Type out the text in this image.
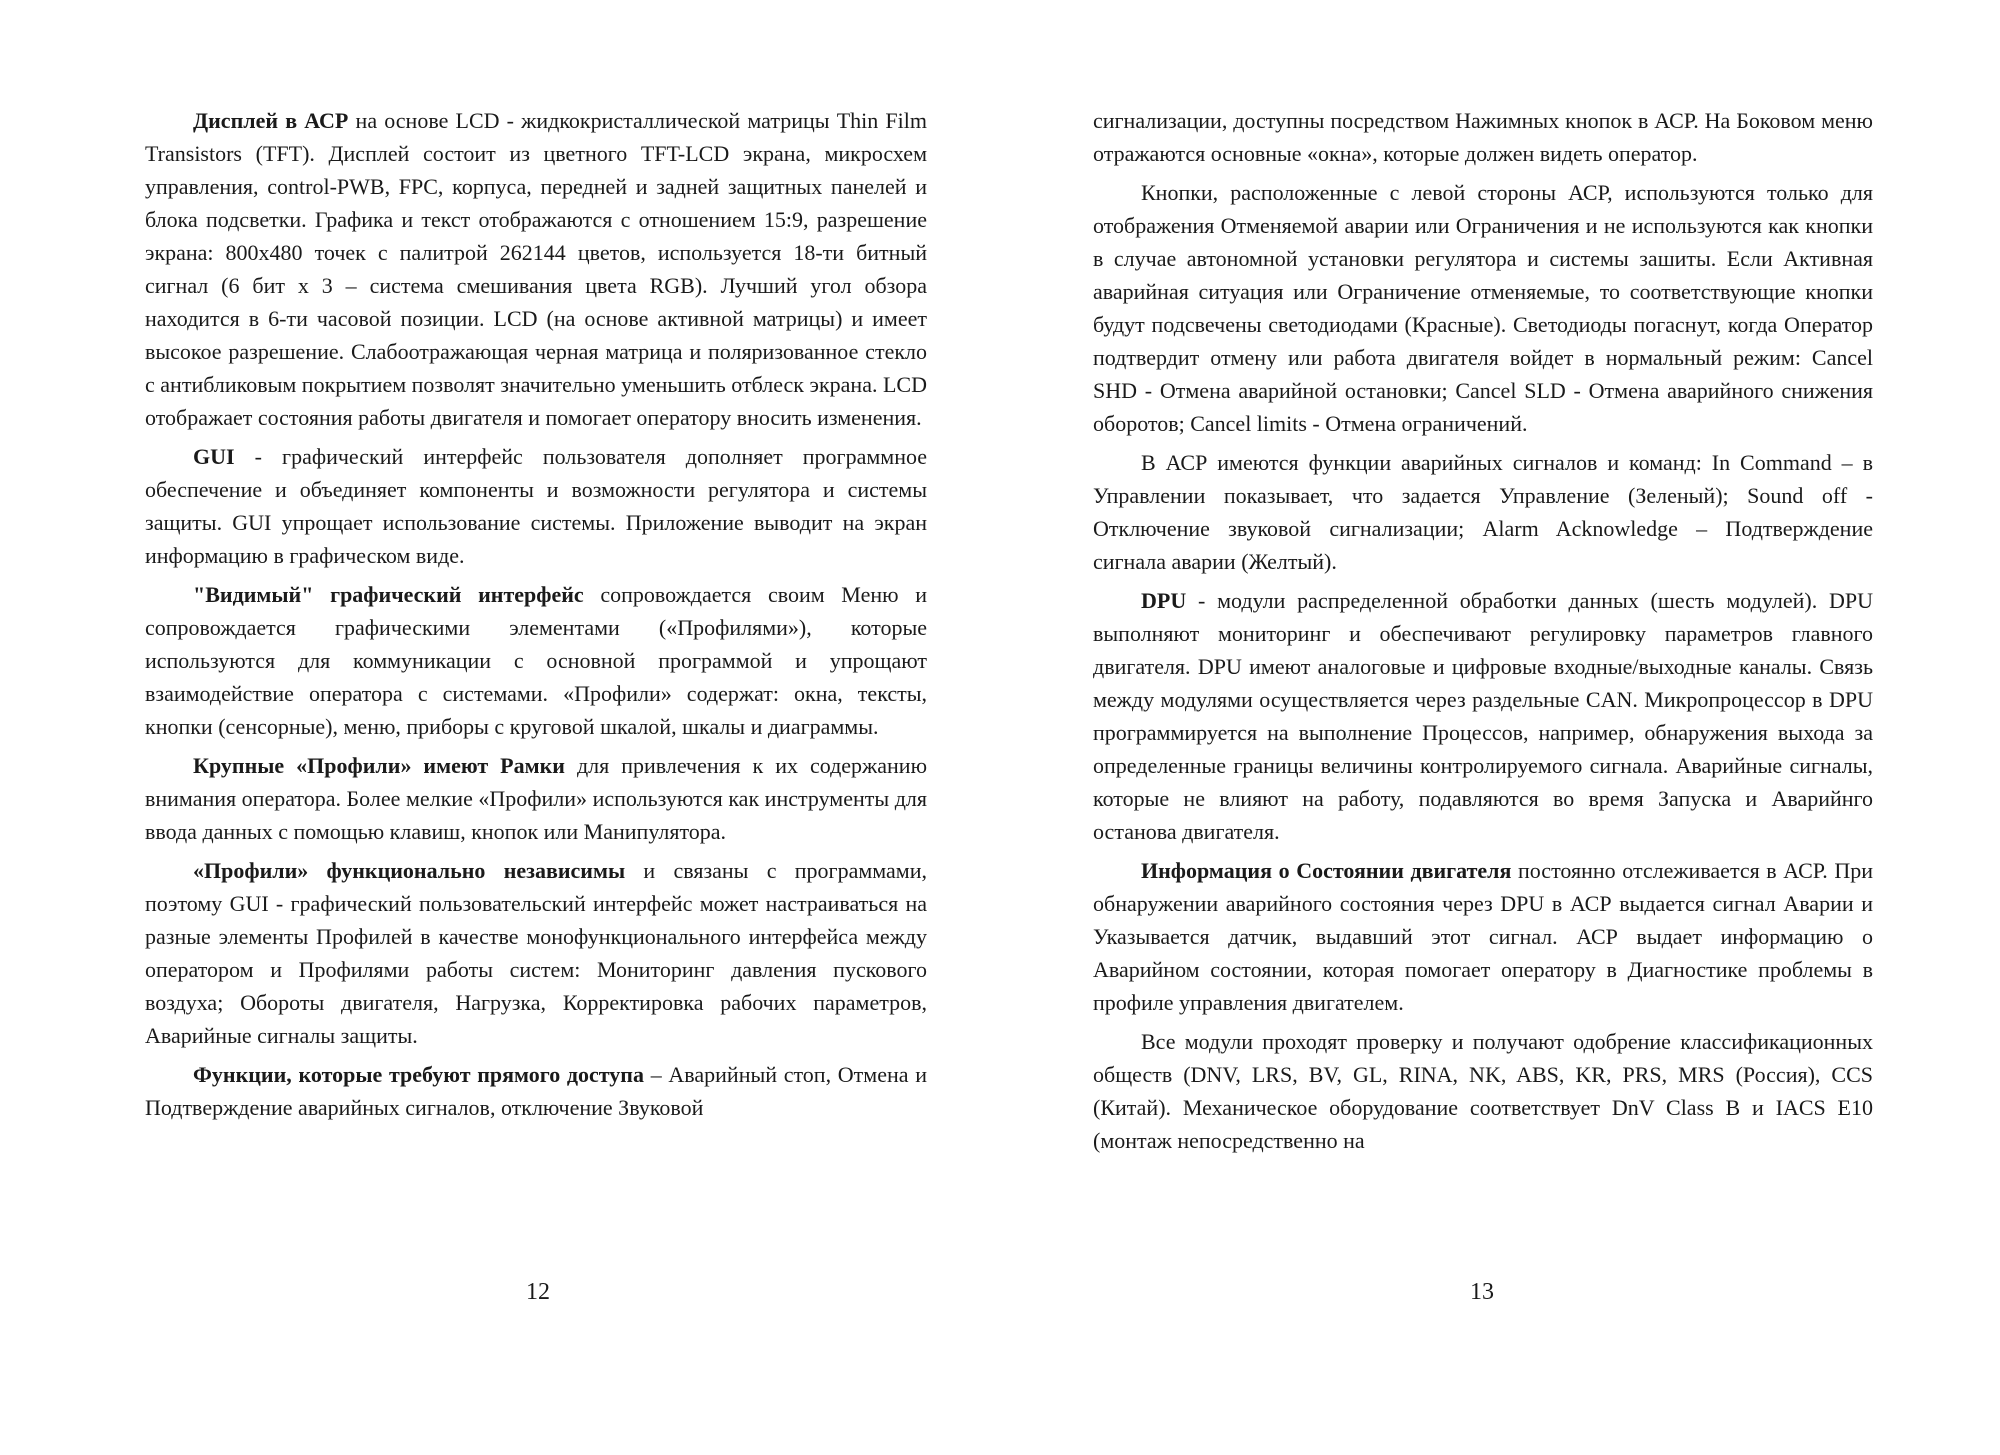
Дисплей в АСР на основе LCD - жидкокристаллической матрицы Thin Film Transistors (TFT). Дисплей состоит из цветного TFT-LCD экрана, микросхем управления, control-PWB, FPC, корпуса, передней и задней защитных панелей и блока подсветки. Графика и текст отображаются с отношением 15:9, разрешение экрана: 800х480 точек с палитрой 262144 цветов, используется 18-ти битный сигнал (6 бит х 3 – система смешивания цвета RGB). Лучший угол обзора находится в 6-ти часовой позиции. LCD (на основе активной матрицы) и имеет высокое разрешение. Слабоотражающая черная матрица и поляризованное стекло с антибликовым покрытием позволят значительно уменьшить отблеск экрана. LCD отображает состояния работы двигателя и помогает оператору вносить изменения.

GUI - графический интерфейс пользователя дополняет программное обеспечение и объединяет компоненты и возможности регулятора и системы защиты. GUI упрощает использование системы. Приложение выводит на экран информацию в графическом виде.

"Видимый" графический интерфейс сопровождается своим Меню и сопровождается графическими элементами («Профилями»), которые используются для коммуникации с основной программой и упрощают взаимодействие оператора с системами. «Профили» содержат: окна, тексты, кнопки (сенсорные), меню, приборы с круговой шкалой, шкалы и диаграммы.

Крупные «Профили» имеют Рамки для привлечения к их содержанию внимания оператора. Более мелкие «Профили» используются как инструменты для ввода данных с помощью клавиш, кнопок или Манипулятора.

«Профили» функционально независимы и связаны с программами, поэтому GUI - графический пользовательский интерфейс может настраиваться на разные элементы Профилей в качестве монофункционального интерфейса между оператором и Профилями работы систем: Мониторинг давления пускового воздуха; Обороты двигателя, Нагрузка, Корректировка рабочих параметров, Аварийные сигналы защиты.

Функции, которые требуют прямого доступа – Аварийный стоп, Отмена и Подтверждение аварийных сигналов, отключение Звуковой

12

сигнализации, доступны посредством Нажимных кнопок в АСР. На Боковом меню отражаются основные «окна», которые должен видеть оператор.

Кнопки, расположенные с левой стороны АСР, используются только для отображения Отменяемой аварии или Ограничения и не используются как кнопки в случае автономной установки регулятора и системы зашиты. Если Активная аварийная ситуация или Ограничение отменяемые, то соответствующие кнопки будут подсвечены светодиодами (Красные). Светодиоды погаснут, когда Оператор подтвердит отмену или работа двигателя войдет в нормальный режим: Cancel SHD - Отмена аварийной остановки; Cancel SLD - Отмена аварийного снижения оборотов; Cancel limits - Отмена ограничений.

В АСР имеются функции аварийных сигналов и команд: In Command – в Управлении показывает, что задается Управление (Зеленый); Sound off - Отключение звуковой сигнализации; Alarm Acknowledge – Подтверждение сигнала аварии (Желтый).

DPU - модули распределенной обработки данных (шесть модулей). DPU выполняют мониторинг и обеспечивают регулировку параметров главного двигателя. DPU имеют аналоговые и цифровые входные/выходные каналы. Связь между модулями осуществляется через раздельные CAN. Микропроцессор в DPU программируется на выполнение Процессов, например, обнаружения выхода за определенные границы величины контролируемого сигнала. Аварийные сигналы, которые не влияют на работу, подавляются во время Запуска и Аварийнго останова двигателя.

Информация о Состоянии двигателя постоянно отслеживается в АСР. При обнаружении аварийного состояния через DPU в АСР выдается сигнал Аварии и Указывается датчик, выдавший этот сигнал. АСР выдает информацию о Аварийном состоянии, которая помогает оператору в Диагностике проблемы в профиле управления двигателем.

Все модули проходят проверку и получают одобрение классификационных обществ (DNV, LRS, BV, GL, RINA, NK, ABS, KR, PRS, MRS (Россия), CCS (Китай). Механическое оборудование соответствует DnV Class B и IACS E10 (монтаж непосредственно на

13
